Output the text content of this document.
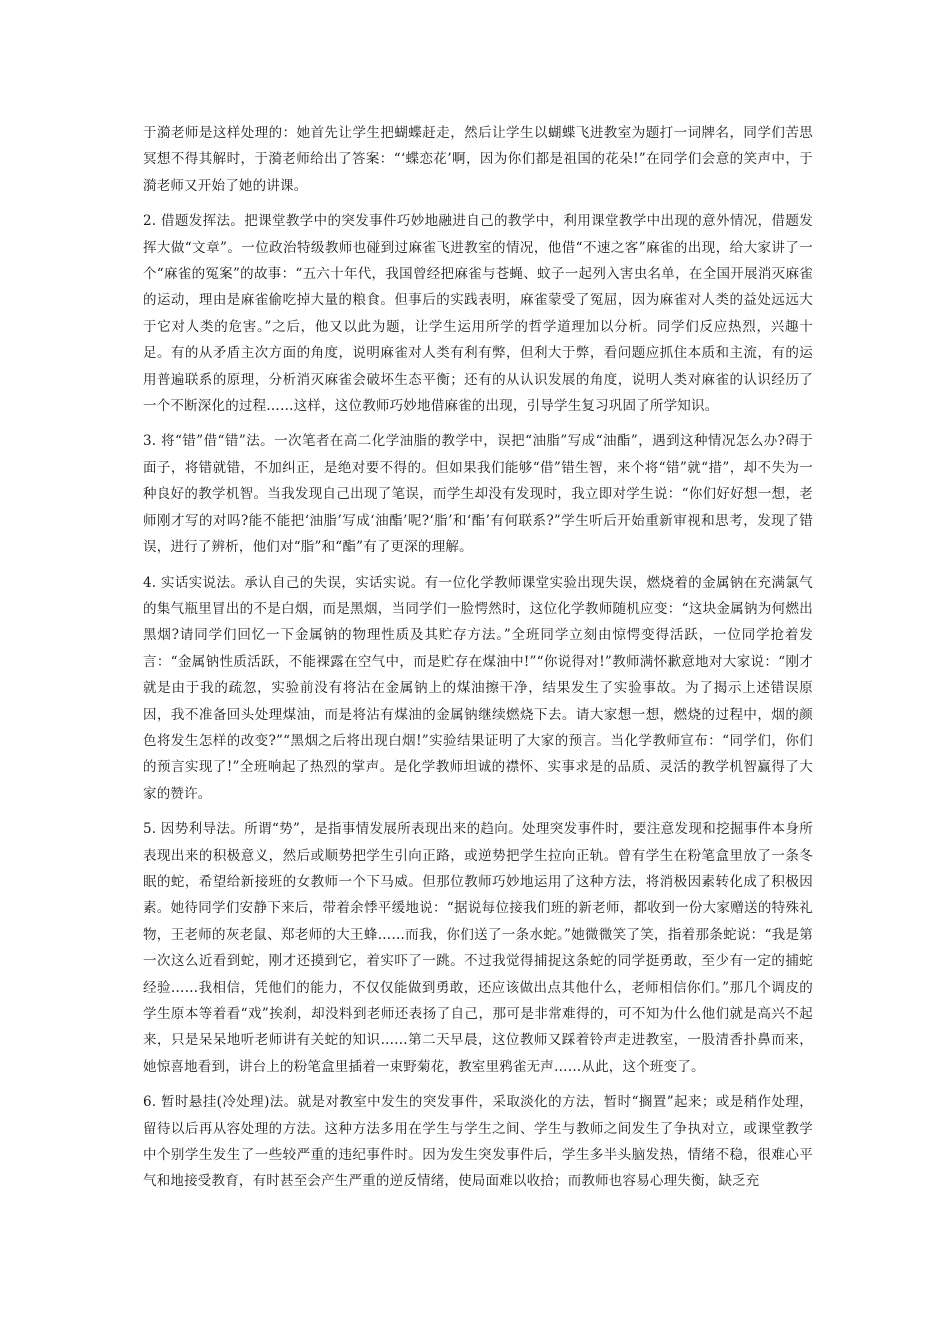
于漪老师是这样处理的：她首先让学生把蝴蝶赶走，然后让学生以蝴蝶飞进教室为题打一词牌名，同学们苦思冥想不得其解时，于漪老师给出了答案：“‘蝶恋花’啊，因为你们都是祖国的花朵!”在同学们会意的笑声中，于漪老师又开始了她的讲课。

2. 借题发挥法。把课堂教学中的突发事件巧妙地融进自己的教学中，利用课堂教学中出现的意外情况，借题发挥大做“文章”。一位政治特级教师也碰到过麻雀飞进教室的情况，他借“不速之客”麻雀的出现，给大家讲了一个“麻雀的冤案”的故事：“五六十年代，我国曾经把麻雀与苍蝇、蚊子一起列入害虫名单，在全国开展消灭麻雀的运动，理由是麻雀偷吃掉大量的粮食。但事后的实践表明，麻雀蒙受了冤屈，因为麻雀对人类的益处远远大于它对人类的危害。”之后，他又以此为题，让学生运用所学的哲学道理加以分析。同学们反应热烈，兴趣十足。有的从矛盾主次方面的角度，说明麻雀对人类有利有弊，但利大于弊，看问题应抓住本质和主流，有的运用普遍联系的原理，分析消灭麻雀会破坏生态平衡；还有的从认识发展的角度，说明人类对麻雀的认识经历了一个不断深化的过程……这样，这位教师巧妙地借麻雀的出现，引导学生复习巩固了所学知识。

3. 将“错”借“错”法。一次笔者在高二化学油脂的教学中，误把“油脂”写成“油酯”，遇到这种情况怎么办?碍于面子，将错就错，不加纠正，是绝对要不得的。但如果我们能够“借”错生智，来个将“错”就“措”，却不失为一种良好的教学机智。当我发现自己出现了笔误，而学生却没有发现时，我立即对学生说：“你们好好想一想，老师刚才写的对吗?能不能把‘油脂’写成‘油酯’呢?‘脂’和‘酯’有何联系?”学生听后开始重新审视和思考，发现了错误，进行了辨析，他们对“脂”和“酯”有了更深的理解。

4. 实话实说法。承认自己的失误，实话实说。有一位化学教师课堂实验出现失误，燃烧着的金属钠在充满氯气的集气瓶里冒出的不是白烟，而是黑烟，当同学们一脸愕然时，这位化学教师随机应变：“这块金属钠为何燃出黑烟?请同学们回忆一下金属钠的物理性质及其贮存方法。”全班同学立刻由惊愕变得活跃，一位同学抢着发言：“金属钠性质活跃，不能裸露在空气中，而是贮存在煤油中!”“你说得对!”教师满怀歉意地对大家说：“刚才就是由于我的疏忽，实验前没有将沾在金属钠上的煤油擦干净，结果发生了实验事故。为了揭示上述错误原因，我不准备回头处理煤油，而是将沾有煤油的金属钠继续燃烧下去。请大家想一想，燃烧的过程中，烟的颜色将发生怎样的改变?”“黑烟之后将出现白烟!”实验结果证明了大家的预言。当化学教师宣布：“同学们，你们的预言实现了!”全班响起了热烈的掌声。是化学教师坦诚的襟怀、实事求是的品质、灵活的教学机智赢得了大家的赞许。

5. 因势利导法。所谓“势”，是指事情发展所表现出来的趋向。处理突发事件时，要注意发现和挖掘事件本身所表现出来的积极意义，然后或顺势把学生引向正路，或逆势把学生拉向正轨。曾有学生在粉笔盒里放了一条冬眠的蛇，希望给新接班的女教师一个下马威。但那位教师巧妙地运用了这种方法，将消极因素转化成了积极因素。她待同学们安静下来后，带着余悸平缓地说：“据说每位接我们班的新老师，都收到一份大家赠送的特殊礼物，王老师的灰老鼠、郑老师的大王蜂……而我，你们送了一条水蛇。”她微微笑了笑，指着那条蛇说：“我是第一次这么近看到蛇，刚才还摸到它，着实吓了一跳。不过我觉得捕捉这条蛇的同学挺勇敢，至少有一定的捕蛇经验……我相信，凭他们的能力，不仅仅能做到勇敢，还应该做出点其他什么，老师相信你们。”那几个调皮的学生原本等着看“戏”挨刹，却没料到老师还表扬了自己，那可是非常难得的，可不知为什么他们就是高兴不起来，只是呆呆地听老师讲有关蛇的知识……第二天早晨，这位教师又踩着铃声走进教室，一股清香扑鼻而来，她惊喜地看到，讲台上的粉笔盒里插着一束野菊花，教室里鸦雀无声……从此，这个班变了。

6. 暂时悬挂(冷处理)法。就是对教室中发生的突发事件，采取淡化的方法，暂时“搁置”起来；或是稍作处理，留待以后再从容处理的方法。这种方法多用在学生与学生之间、学生与教师之间发生了争执对立，或课堂教学中个别学生发生了一些较严重的违纪事件时。因为发生突发事件后，学生多半头脑发热，情绪不稳，很难心平气和地接受教育，有时甚至会产生严重的逆反情绪，使局面难以收拾；而教师也容易心理失衡，缺乏充
